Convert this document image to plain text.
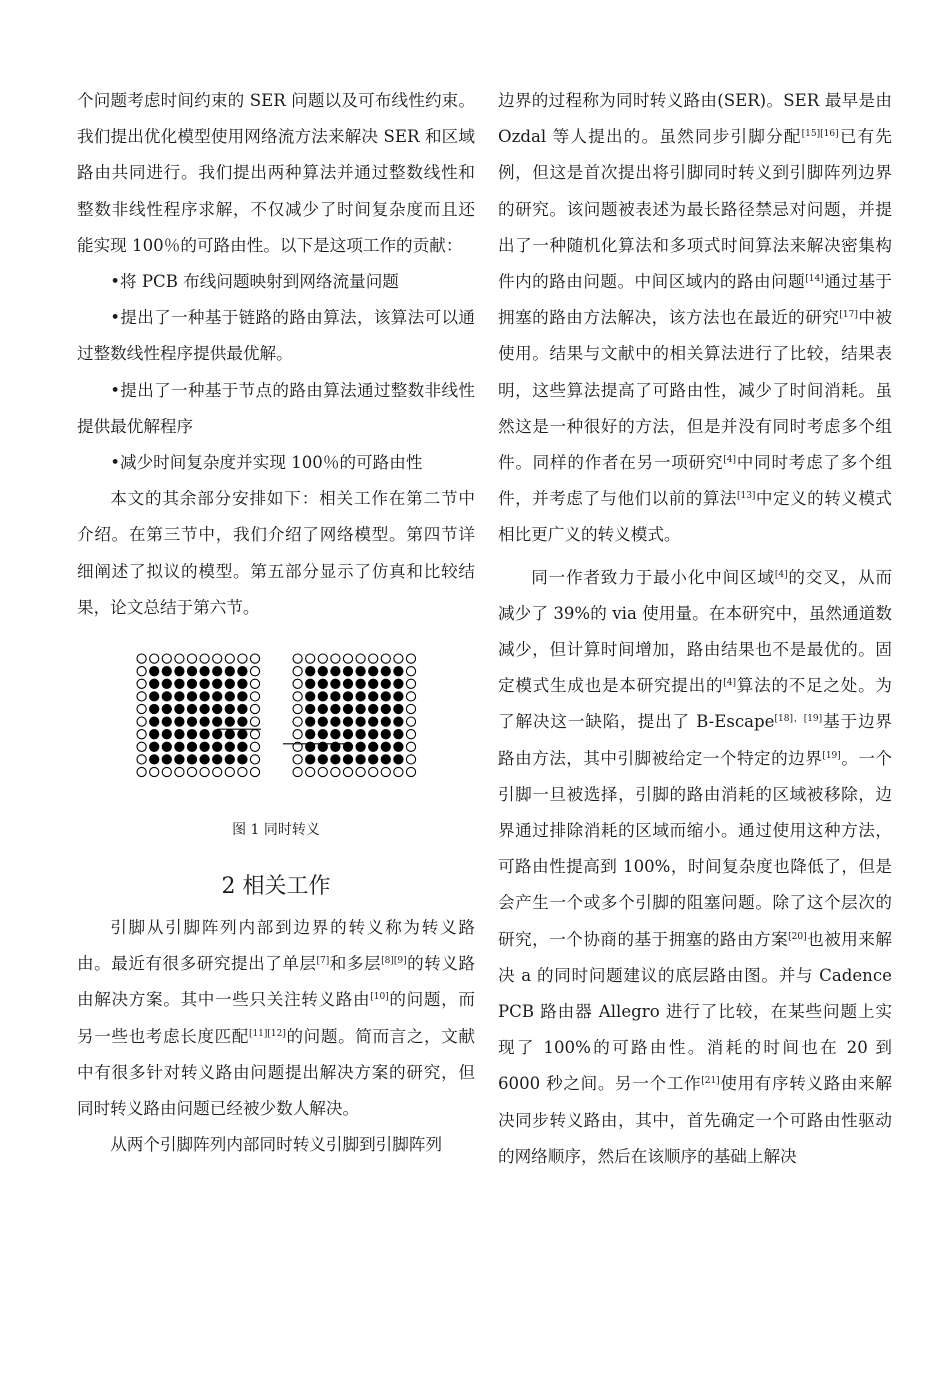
个问题考虑时间约束的 SER 问题以及可布线性约束。我们提出优化模型使用网络流方法来解决 SER 和区域路由共同进行。我们提出两种算法并通过整数线性和整数非线性程序求解，不仅减少了时间复杂度而且还能实现 100％的可路由性。以下是这项工作的贡献：

•将 PCB 布线问题映射到网络流量问题

•提出了一种基于链路的路由算法，该算法可以通过整数线性程序提供最优解。

•提出了一种基于节点的路由算法通过整数非线性提供最优解程序

•减少时间复杂度并实现 100％的可路由性

本文的其余部分安排如下：相关工作在第二节中介绍。在第三节中，我们介绍了网络模型。第四节详细阐述了拟议的模型。第五部分显示了仿真和比较结果，论文总结于第六节。

图 1 同时转义
2 相关工作

引脚从引脚阵列内部到边界的转义称为转义路由。最近有很多研究提出了单层[7]和多层[8][9]的转义路由解决方案。其中一些只关注转义路由[10]的问题，而另一些也考虑长度匹配[11][12]的问题。简而言之，文献中有很多针对转义路由问题提出解决方案的研究，但同时转义路由问题已经被少数人解决。

从两个引脚阵列内部同时转义引脚到引脚阵列

边界的过程称为同时转义路由(SER)。SER 最早是由 Ozdal 等人提出的。虽然同步引脚分配[15][16]已有先例，但这是首次提出将引脚同时转义到引脚阵列边界的研究。该问题被表述为最长路径禁忌对问题，并提出了一种随机化算法和多项式时间算法来解决密集构件内的路由问题。中间区域内的路由问题[14]通过基于拥塞的路由方法解决，该方法也在最近的研究[17]中被使用。结果与文献中的相关算法进行了比较，结果表明，这些算法提高了可路由性，减少了时间消耗。虽然这是一种很好的方法，但是并没有同时考虑多个组件。同样的作者在另一项研究[4]中同时考虑了多个组件，并考虑了与他们以前的算法[13]中定义的转义模式相比更广义的转义模式。

同一作者致力于最小化中间区域[4]的交叉，从而减少了 39%的 via 使用量。在本研究中，虽然通道数减少，但计算时间增加，路由结果也不是最优的。固定模式生成也是本研究提出的[4]算法的不足之处。为了解决这一缺陷，提出了 B-Escape[18]，[19]基于边界路由方法，其中引脚被给定一个特定的边界[19]。一个引脚一旦被选择，引脚的路由消耗的区域被移除，边界通过排除消耗的区域而缩小。通过使用这种方法，可路由性提高到 100%，时间复杂度也降低了，但是会产生一个或多个引脚的阻塞问题。除了这个层次的研究，一个协商的基于拥塞的路由方案[20]也被用来解决 a 的同时问题建议的底层路由图。并与 Cadence PCB 路由器 Allegro 进行了比较，在某些问题上实现了 100%的可路由性。消耗的时间也在 20 到 6000 秒之间。另一个工作[21]使用有序转义路由来解决同步转义路由，其中，首先确定一个可路由性驱动的网络顺序，然后在该顺序的基础上解决
